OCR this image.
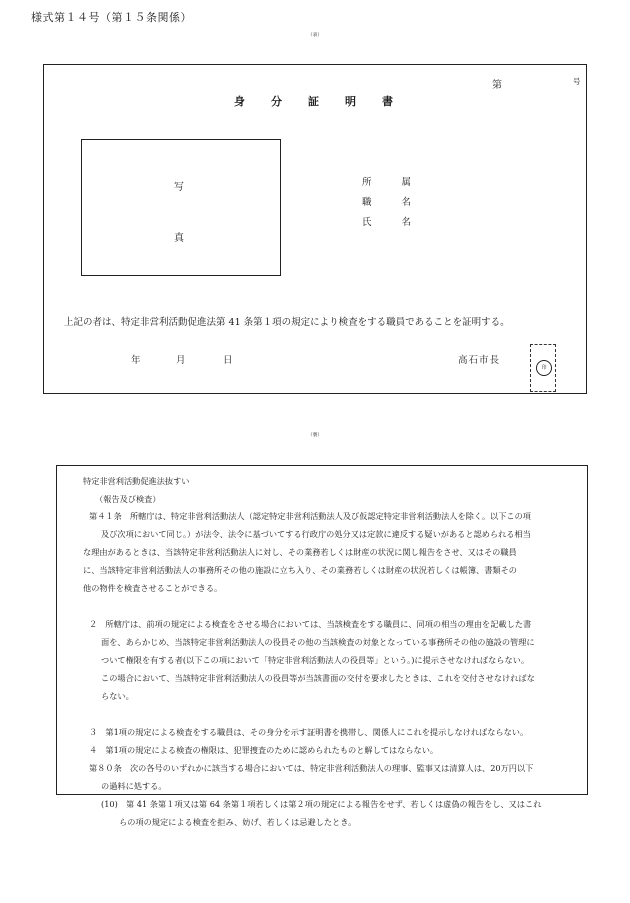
様式第１４号（第１５条関係）
（表）
第	号
身分証明書
写
真
所属
職名
氏名
上記の者は、特定非営利活動促進法第 41 条第１項の規定により検査をする職員であることを証明する。
年	月	日	高石市長
印
（裏）
特定非営利活動促進法抜すい
（報告及び検査）
第４１条　所轄庁は、特定非営利活動法人（認定特定非営利活動法人及び仮認定特定非営利活動法人を除く。以下この項
及び次項において同じ。）が法令、法令に基づいてする行政庁の処分又は定款に違反する疑いがあると認められる相当
な理由があるときは、当該特定非営利活動法人に対し、その業務若しくは財産の状況に関し報告をさせ、又はその職員
に、当該特定非営利活動法人の事務所その他の施設に立ち入り、その業務若しくは財産の状況若しくは帳簿、書類その
他の物件を検査させることができる。
２　所轄庁は、前項の規定による検査をさせる場合においては、当該検査をする職員に、同項の相当の理由を記載した書
面を、あらかじめ、当該特定非営利活動法人の役員その他の当該検査の対象となっている事務所その他の施設の管理に
ついて権限を有する者(以下この項において「特定非営利活動法人の役員等」という。)に提示させなければならない。
この場合において、当該特定非営利活動法人の役員等が当該書面の交付を要求したときは、これを交付させなければな
らない。
３　第1項の規定による検査をする職員は、その身分を示す証明書を携帯し、関係人にこれを提示しなければならない。
４　第1項の規定による検査の権限は、犯罪捜査のために認められたものと解してはならない。
第８０条　次の各号のいずれかに該当する場合においては、特定非営利活動法人の理事、監事又は清算人は、20万円以下
の過料に処する。
(10)　第 41 条第１項又は第 64 条第１項若しくは第２項の規定による報告をせず、若しくは虚偽の報告をし、又はこれ
らの項の規定による検査を拒み、妨げ、若しくは忌避したとき。
